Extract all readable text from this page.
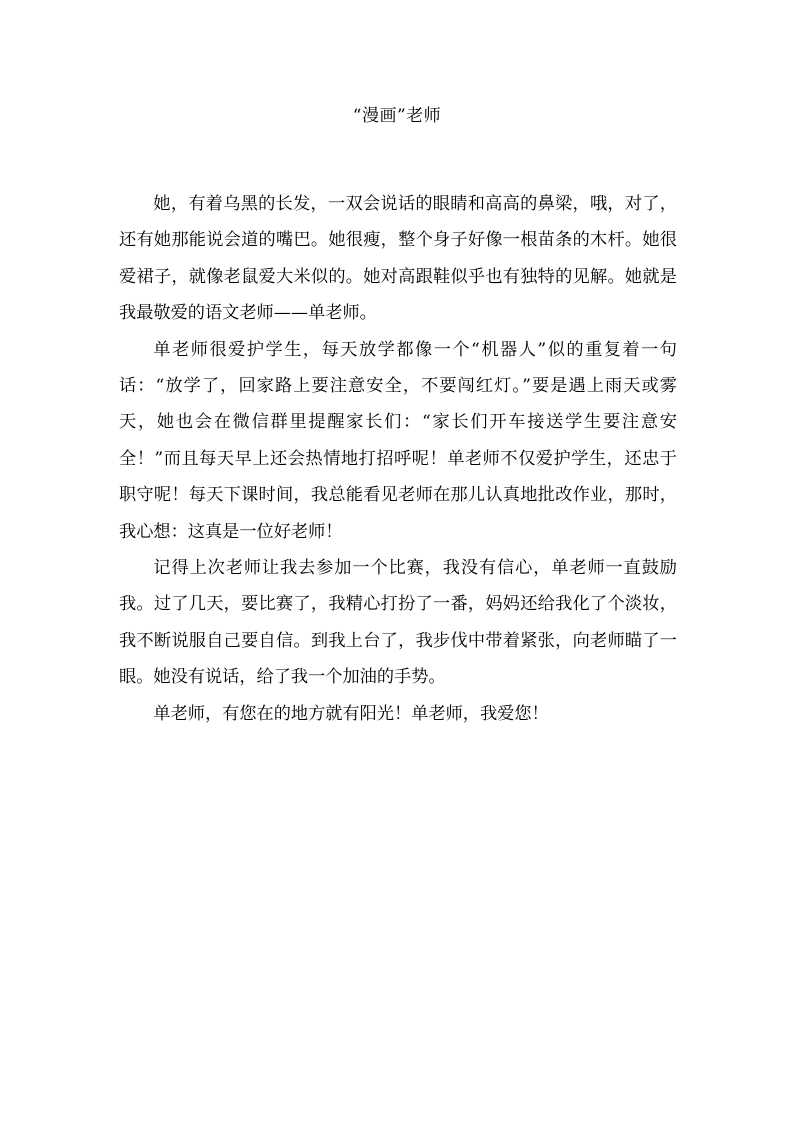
“漫画”老师

她，有着乌黑的长发，一双会说话的眼睛和高高的鼻梁，哦，对了，还有她那能说会道的嘴巴。她很瘦，整个身子好像一根苗条的木杆。她很爱裙子，就像老鼠爱大米似的。她对高跟鞋似乎也有独特的见解。她就是我最敬爱的语文老师——单老师。

单老师很爱护学生，每天放学都像一个“机器人”似的重复着一句话：“放学了，回家路上要注意安全，不要闯红灯。”要是遇上雨天或雾天，她也会在微信群里提醒家长们：“家长们开车接送学生要注意安全！”而且每天早上还会热情地打招呼呢！单老师不仅爱护学生，还忠于职守呢！每天下课时间，我总能看见老师在那儿认真地批改作业，那时，我心想：这真是一位好老师！

记得上次老师让我去参加一个比赛，我没有信心，单老师一直鼓励我。过了几天，要比赛了，我精心打扮了一番，妈妈还给我化了个淡妆，我不断说服自己要自信。到我上台了，我步伐中带着紧张，向老师瞄了一眼。她没有说话，给了我一个加油的手势。

单老师，有您在的地方就有阳光！单老师，我爱您！
